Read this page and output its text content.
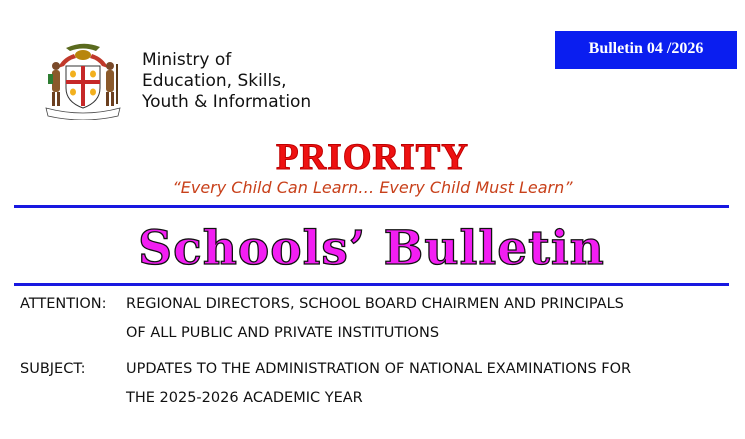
Ministry of
Education, Skills,
Youth & Information
Bulletin 04 /2026
PRIORITY
“Every Child Can Learn… Every Child Must Learn”
Schools’ Bulletin
ATTENTION: REGIONAL DIRECTORS, SCHOOL BOARD CHAIRMEN AND PRINCIPALS
OF ALL PUBLIC AND PRIVATE INSTITUTIONS
SUBJECT:	UPDATES TO THE ADMINISTRATION OF NATIONAL EXAMINATIONS FOR
THE 2025-2026 ACADEMIC YEAR
